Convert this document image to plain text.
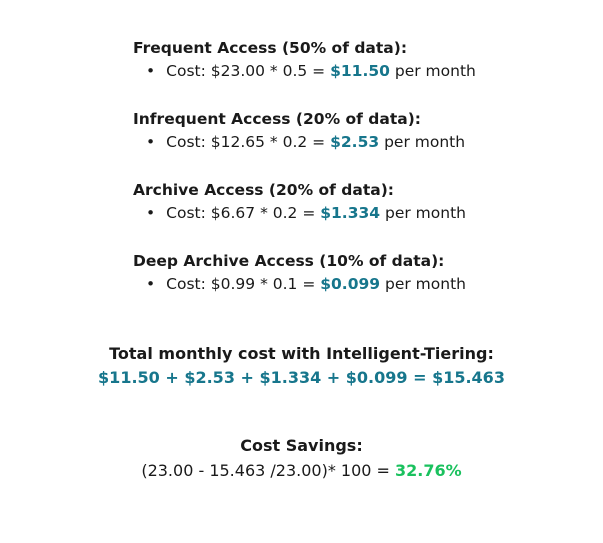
Frequent Access (50% of data):
•
Cost: $23.00 * 0.5 = $11.50 per month
Infrequent Access (20% of data):
•
Cost: $12.65 * 0.2 = $2.53 per month
Archive Access (20% of data):
•
Cost: $6.67 * 0.2 = $1.334 per month
Deep Archive Access (10% of data):
•
Cost: $0.99 * 0.1 = $0.099 per month
Total monthly cost with Intelligent-Tiering:
$11.50 + $2.53 + $1.334 + $0.099 = $15.463
Cost Savings:
(23.00 - 15.463 /23.00)* 100 = 32.76%
